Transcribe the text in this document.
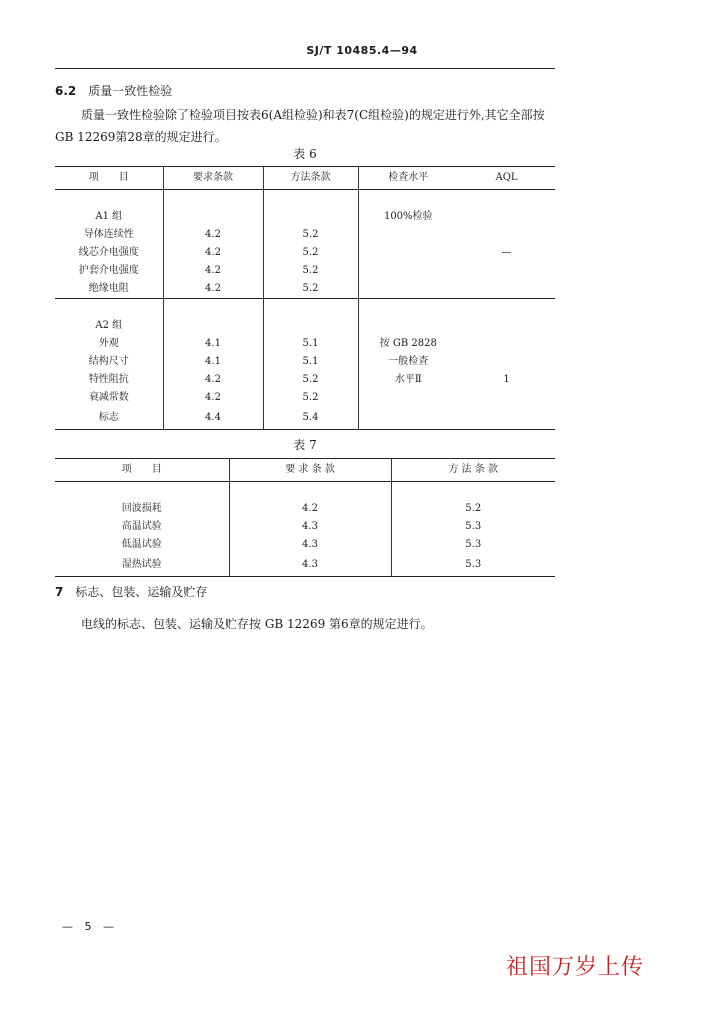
SJ/T 10485.4—94
6.2 质量一致性检验
质量一致性检验除了检验项目按表6(A组检验)和表7(C组检验)的规定进行外,其它全部按GB 12269第28章的规定进行。
表 6
项　　目	要求条款	方法条款	检查水平	AQL

A1 组			100%检验	
导体连续性	4.2	5.2		
线芯介电强度	4.2	5.2		—
护套介电强度	4.2	5.2		
绝缘电阻	4.2	5.2		

A2 组				
外观	4.1	5.1	按 GB 2828	
结构尺寸	4.1	5.1	一般检查	
特性阻抗	4.2	5.2	水平Ⅱ	1
衰减常数	4.2	5.2		
标志	4.4	5.4		
表 7
项　　目	要 求 条 款	方 法 条 款

回波损耗	4.2	5.2
高温试验	4.3	5.3
低温试验	4.3	5.3
湿热试验	4.3	5.3
7 标志、包装、运输及贮存
电线的标志、包装、运输及贮存按 GB 12269 第6章的规定进行。
— 5 —
祖国万岁上传
